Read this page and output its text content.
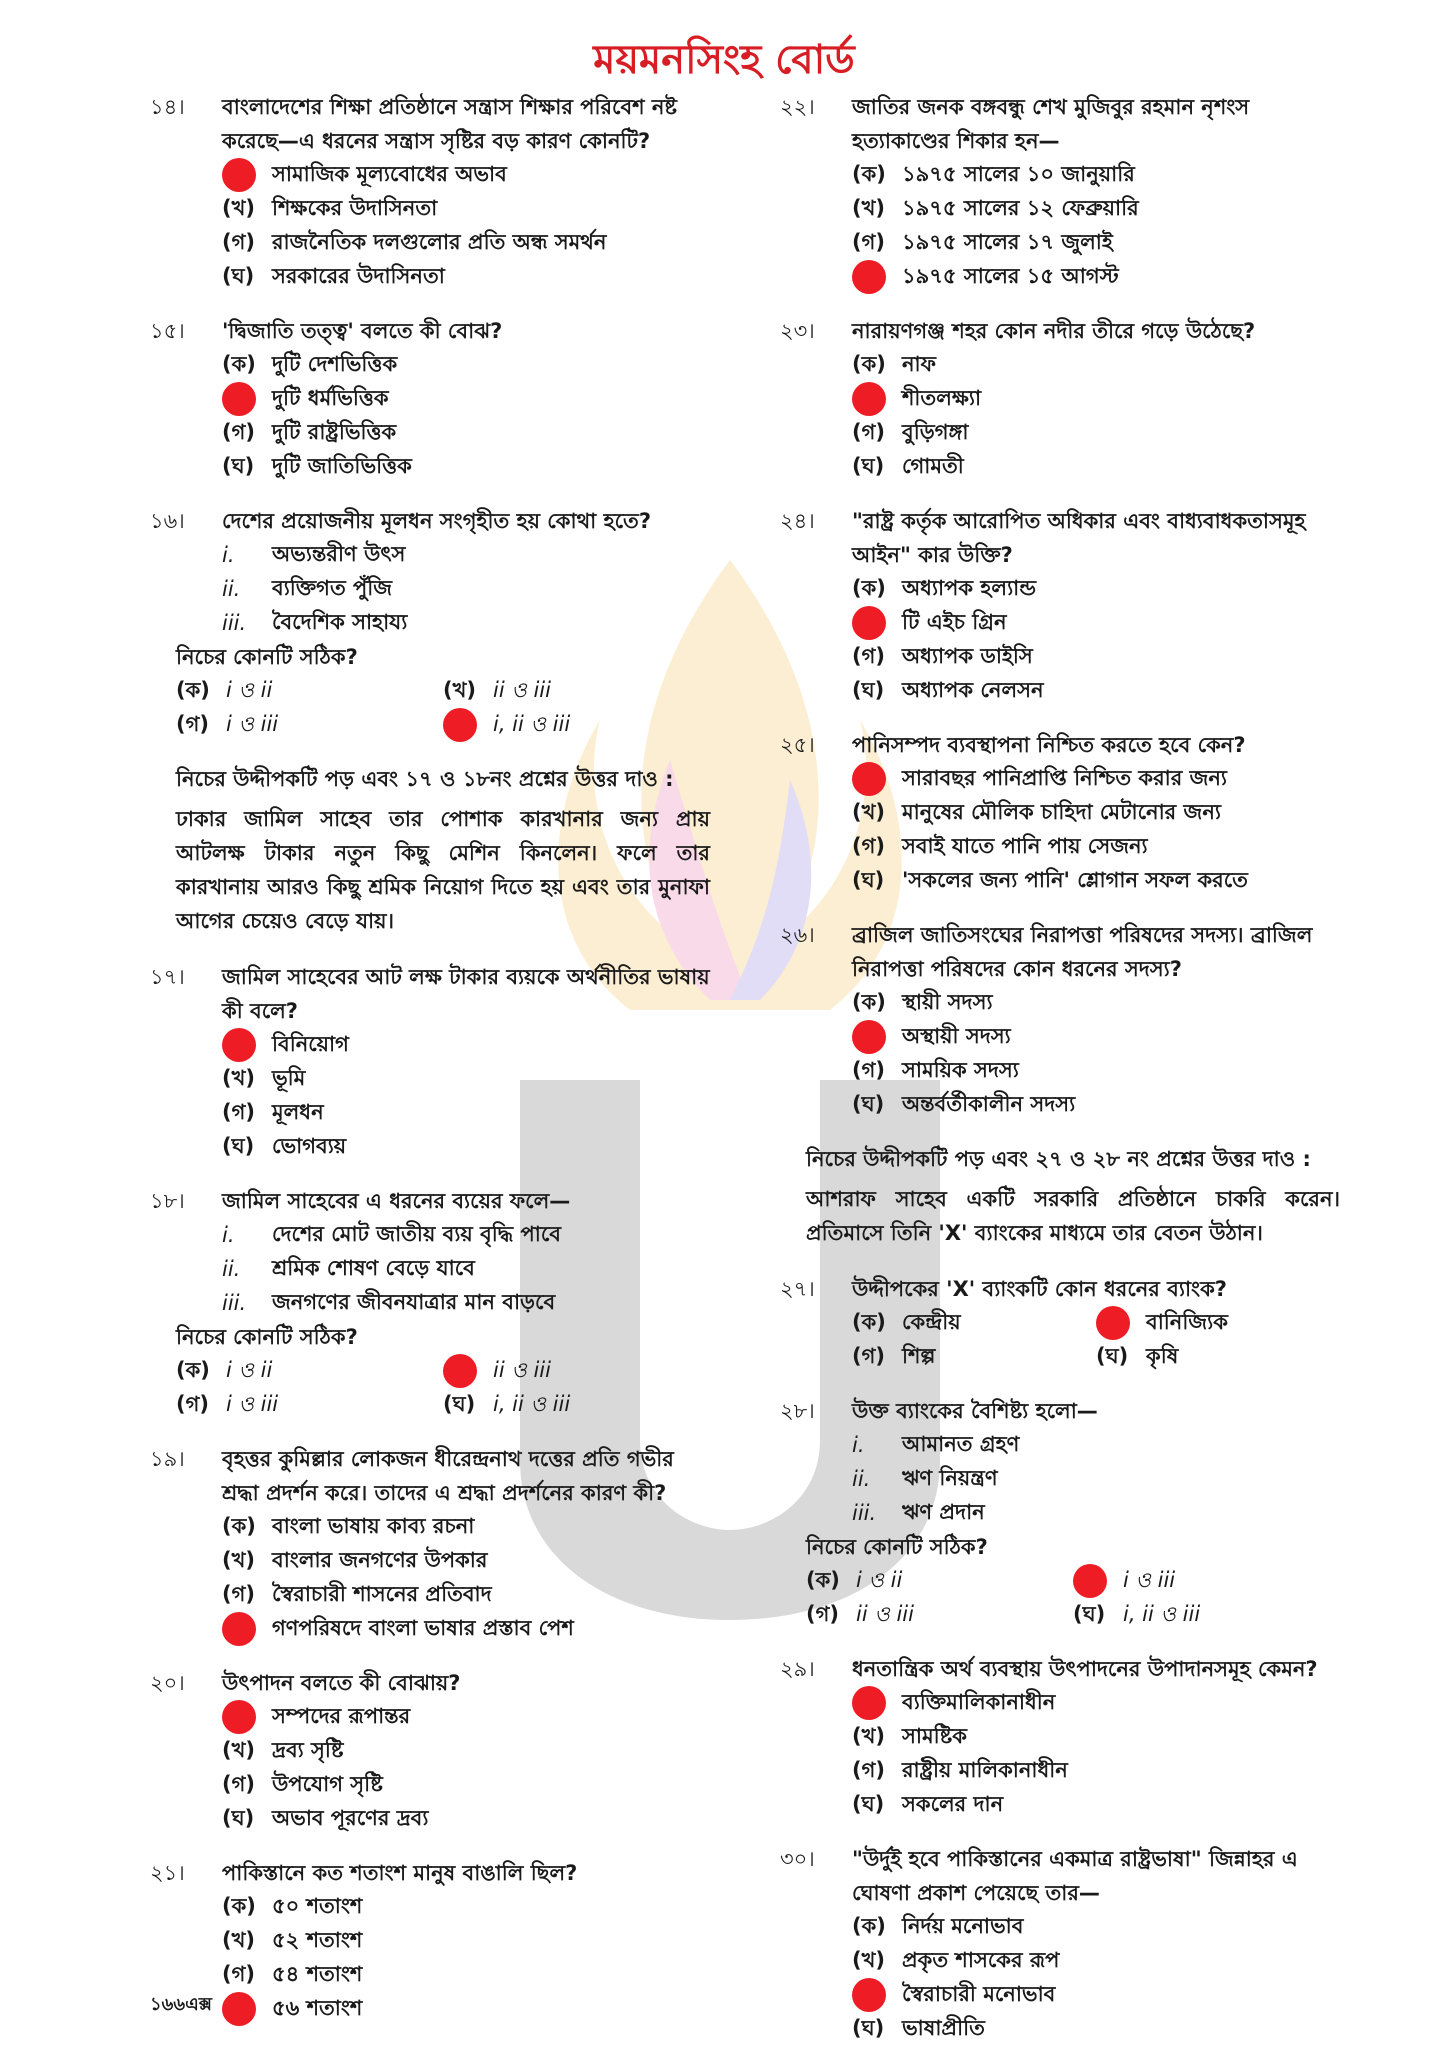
ময়মনসিংহ বোর্ড
১৪।	বাংলাদেশের শিক্ষা প্রতিষ্ঠানে সন্ত্রাস শিক্ষার পরিবেশ নষ্ট করেছে—এ ধরনের সন্ত্রাস সৃষ্টির বড় কারণ কোনটি?
সামাজিক মূল্যবোধের অভাব
(খ) শিক্ষকের উদাসিনতা
(গ) রাজনৈতিক দলগুলোর প্রতি অন্ধ সমর্থন
(ঘ) সরকারের উদাসিনতা
১৫।	'দ্বিজাতি তত্ত্ব' বলতে কী বোঝ?
(ক) দুটি দেশভিত্তিক
দুটি ধর্মভিত্তিক
(গ) দুটি রাষ্ট্রভিত্তিক
(ঘ) দুটি জাতিভিত্তিক
১৬।	দেশের প্রয়োজনীয় মূলধন সংগৃহীত হয় কোথা হতে?
i.	অভ্যন্তরীণ উৎস
ii.	ব্যক্তিগত পুঁজি
iii.	বৈদেশিক সাহায্য
নিচের কোনটি সঠিক?
(ক) i ও ii	(খ) ii ও iii
(গ) i ও iii	i, ii ও iii
নিচের উদ্দীপকটি পড় এবং ১৭ ও ১৮নং প্রশ্নের উত্তর দাও :
ঢাকার জামিল সাহেব তার পোশাক কারখানার জন্য প্রায় আটলক্ষ টাকার নতুন কিছু মেশিন কিনলেন। ফলে তার কারখানায় আরও কিছু শ্রমিক নিয়োগ দিতে হয় এবং তার মুনাফা আগের চেয়েও বেড়ে যায়।
১৭।	জামিল সাহেবের আট লক্ষ টাকার ব্যয়কে অর্থনীতির ভাষায় কী বলে?
বিনিয়োগ
(খ) ভূমি
(গ) মূলধন
(ঘ) ভোগব্যয়
১৮।	জামিল সাহেবের এ ধরনের ব্যয়ের ফলে—
i.	দেশের মোট জাতীয় ব্যয় বৃদ্ধি পাবে
ii.	শ্রমিক শোষণ বেড়ে যাবে
iii.	জনগণের জীবনযাত্রার মান বাড়বে
নিচের কোনটি সঠিক?
(ক) i ও ii	ii ও iii
(গ) i ও iii	(ঘ) i, ii ও iii
১৯।	বৃহত্তর কুমিল্লার লোকজন ধীরেন্দ্রনাথ দত্তের প্রতি গভীর শ্রদ্ধা প্রদর্শন করে। তাদের এ শ্রদ্ধা প্রদর্শনের কারণ কী?
(ক) বাংলা ভাষায় কাব্য রচনা
(খ) বাংলার জনগণের উপকার
(গ) স্বৈরাচারী শাসনের প্রতিবাদ
গণপরিষদে বাংলা ভাষার প্রস্তাব পেশ
২০।	উৎপাদন বলতে কী বোঝায়?
সম্পদের রূপান্তর
(খ) দ্রব্য সৃষ্টি
(গ) উপযোগ সৃষ্টি
(ঘ) অভাব পূরণের দ্রব্য
২১।	পাকিস্তানে কত শতাংশ মানুষ বাঙালি ছিল?
(ক) ৫০ শতাংশ
(খ) ৫২ শতাংশ
(গ) ৫৪ শতাংশ
৫৬ শতাংশ
২২।	জাতির জনক বঙ্গবন্ধু শেখ মুজিবুর রহমান নৃশংস হত্যাকাণ্ডের শিকার হন—
(ক) ১৯৭৫ সালের ১০ জানুয়ারি
(খ) ১৯৭৫ সালের ১২ ফেব্রুয়ারি
(গ) ১৯৭৫ সালের ১৭ জুলাই
১৯৭৫ সালের ১৫ আগস্ট
২৩।	নারায়ণগঞ্জ শহর কোন নদীর তীরে গড়ে উঠেছে?
(ক) নাফ
শীতলক্ষ্যা
(গ) বুড়িগঙ্গা
(ঘ) গোমতী
২৪।	"রাষ্ট্র কর্তৃক আরোপিত অধিকার এবং বাধ্যবাধকতাসমূহ আইন" কার উক্তি?
(ক) অধ্যাপক হল্যান্ড
টি এইচ গ্রিন
(গ) অধ্যাপক ডাইসি
(ঘ) অধ্যাপক নেলসন
২৫।	পানিসম্পদ ব্যবস্থাপনা নিশ্চিত করতে হবে কেন?
সারাবছর পানিপ্রাপ্তি নিশ্চিত করার জন্য
(খ) মানুষের মৌলিক চাহিদা মেটানোর জন্য
(গ) সবাই যাতে পানি পায় সেজন্য
(ঘ) 'সকলের জন্য পানি' শ্লোগান সফল করতে
২৬।	ব্রাজিল জাতিসংঘের নিরাপত্তা পরিষদের সদস্য। ব্রাজিল নিরাপত্তা পরিষদের কোন ধরনের সদস্য?
(ক) স্থায়ী সদস্য
অস্থায়ী সদস্য
(গ) সাময়িক সদস্য
(ঘ) অন্তর্বর্তীকালীন সদস্য
নিচের উদ্দীপকটি পড় এবং ২৭ ও ২৮ নং প্রশ্নের উত্তর দাও :
আশরাফ সাহেব একটি সরকারি প্রতিষ্ঠানে চাকরি করেন। প্রতিমাসে তিনি 'X' ব্যাংকের মাধ্যমে তার বেতন উঠান।
২৭।	উদ্দীপকের 'X' ব্যাংকটি কোন ধরনের ব্যাংক?
(ক) কেন্দ্রীয়	বানিজ্যিক
(গ) শিল্প	(ঘ) কৃষি
২৮।	উক্ত ব্যাংকের বৈশিষ্ট্য হলো—
i.	আমানত গ্রহণ
ii.	ঋণ নিয়ন্ত্রণ
iii.	ঋণ প্রদান
নিচের কোনটি সঠিক?
(ক) i ও ii	i ও iii
(গ) ii ও iii	(ঘ) i, ii ও iii
২৯।	ধনতান্ত্রিক অর্থ ব্যবস্থায় উৎপাদনের উপাদানসমূহ কেমন?
ব্যক্তিমালিকানাধীন
(খ) সামষ্টিক
(গ) রাষ্ট্রীয় মালিকানাধীন
(ঘ) সকলের দান
৩০।	"উর্দুই হবে পাকিস্তানের একমাত্র রাষ্ট্রভাষা" জিন্নাহর এ ঘোষণা প্রকাশ পেয়েছে তার—
(ক) নির্দয় মনোভাব
(খ) প্রকৃত শাসকের রূপ
স্বৈরাচারী মনোভাব
(ঘ) ভাষাপ্রীতি
১৬৬এক্স
